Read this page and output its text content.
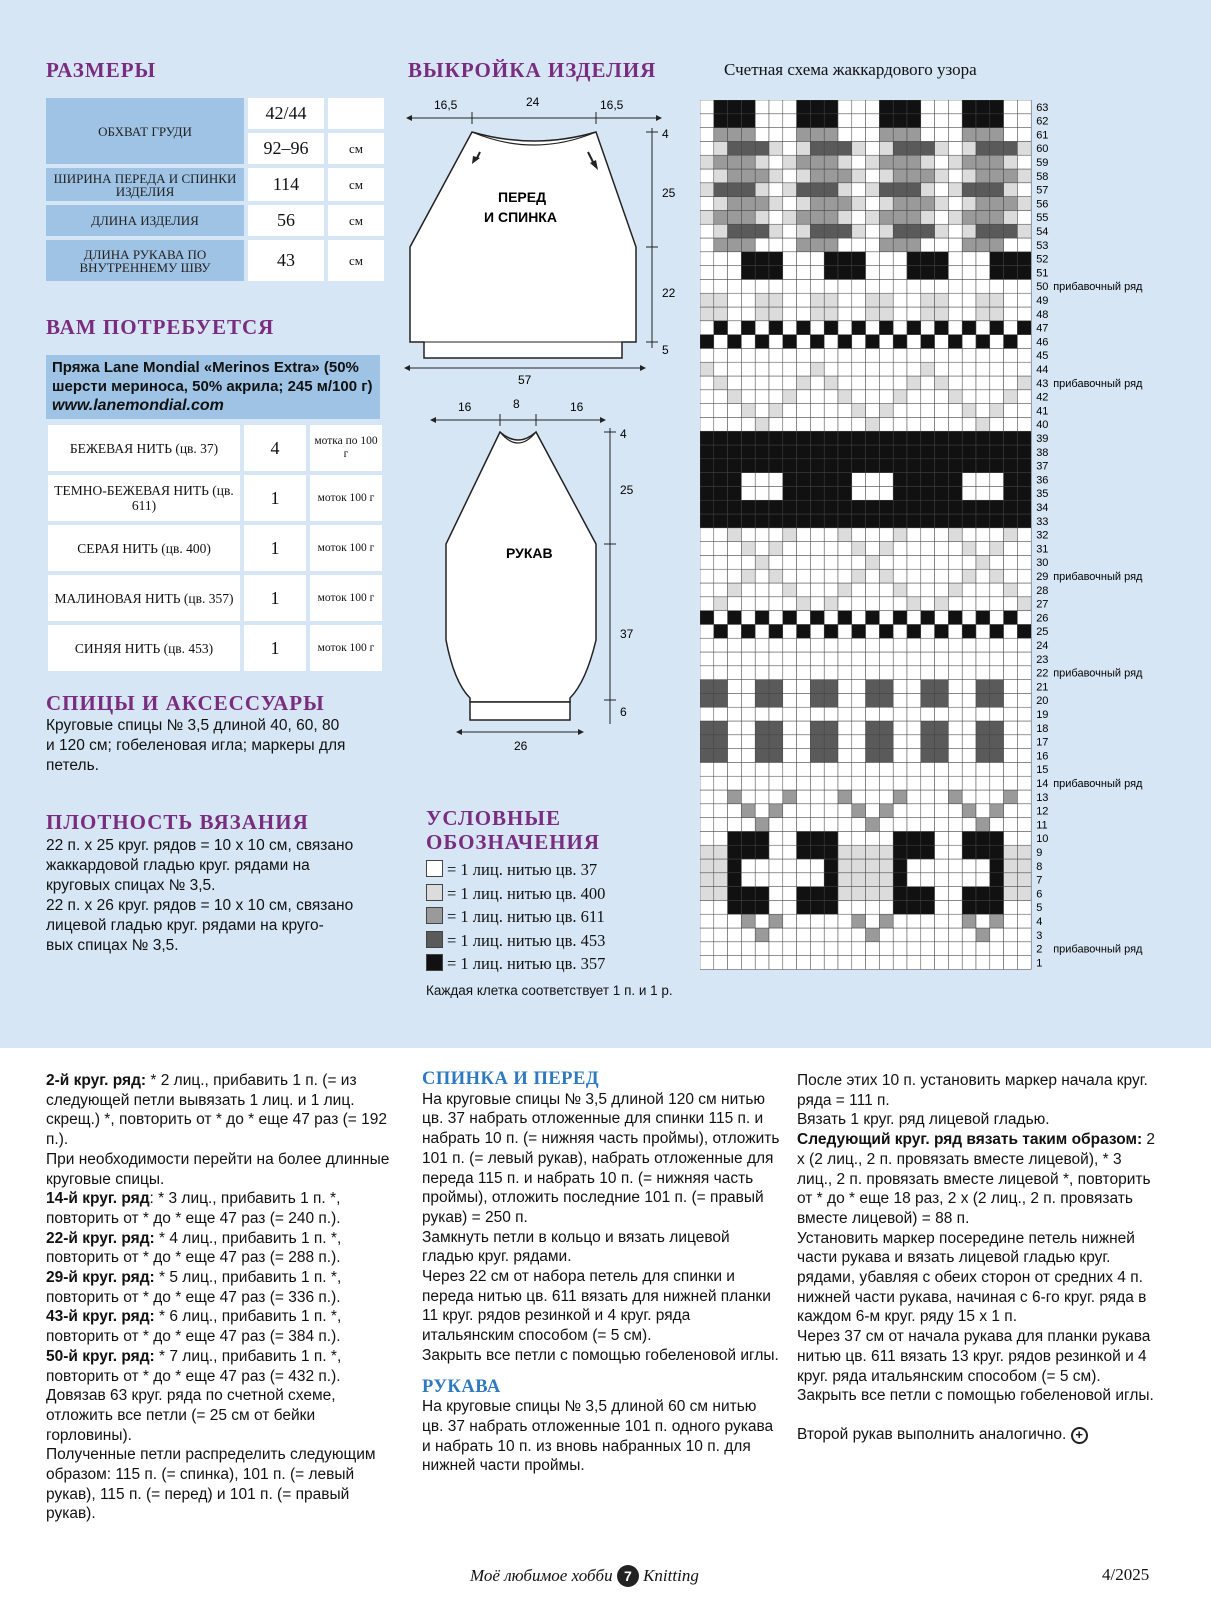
РАЗМЕРЫ
ОБХВАТ ГРУДИ	42/44	
	92–96	см
ШИРИНА ПЕРЕДА И СПИНКИ ИЗДЕЛИЯ	114	см
ДЛИНА ИЗДЕЛИЯ	56	см
ДЛИНА РУКАВА ПО ВНУТРЕННЕМУ ШВУ	43	см
ВАМ ПОТРЕБУЕТСЯ
Пряжа Lane Mondial «Merinos Extra» (50%
шерсти мериноса, 50% акрила; 245 м/100 г)
www.lanemondial.com
БЕЖЕВАЯ НИТЬ (цв. 37)	4	мотка по 100 г
ТЕМНО-БЕЖЕВАЯ НИТЬ (цв. 611)	1	моток 100 г
СЕРАЯ НИТЬ (цв. 400)	1	моток 100 г
МАЛИНОВАЯ НИТЬ (цв. 357)	1	моток 100 г
СИНЯЯ НИТЬ (цв. 453)	1	моток 100 г
СПИЦЫ И АКСЕССУАРЫ
Круговые спицы № 3,5 длиной 40, 60, 80
и 120 см; гобеленовая игла; маркеры для
петель.
ПЛОТНОСТЬ ВЯЗАНИЯ
22 п. х 25 круг. рядов = 10 х 10 см, связано
жаккардовой гладью круг. рядами на
круговых спицах № 3,5.
22 п. х 26 круг. рядов = 10 х 10 см, связано
лицевой гладью круг. рядами на круго-
вых спицах № 3,5.
ВЫКРОЙКА ИЗДЕЛИЯ
16,5	24	16,5
ПЕРЕД
И СПИНКА
4
25
22
5
57
16	8	16
РУКАВ
4
25
37
6
26
УСЛОВНЫЕ
ОБОЗНАЧЕНИЯ
= 1 лиц. нитью цв. 37
= 1 лиц. нитью цв. 400
= 1 лиц. нитью цв. 611
= 1 лиц. нитью цв. 453
= 1 лиц. нитью цв. 357
Каждая клетка соответствует 1 п. и 1 р.
Счетная схема жаккардового узора
1
2 прибавочный ряд
3
4
5
6
7
8
9
10
11
12
13
14 прибавочный ряд
15
16
17
18
19
20
21
22 прибавочный ряд
23
24
25
26
27
28
29 прибавочный ряд
30
31
32
33
34
35
36
37
38
39
40
41
42
43 прибавочный ряд
44
45
46
47
48
49
50 прибавочный ряд
51
52
53
54
55
56
57
58
59
60
61
62
63
2-й круг. ряд: * 2 лиц., прибавить 1 п. (= из следующей петли вывязать 1 лиц. и 1 лиц. скрещ.) *, повторить от * до * еще 47 раз (= 192 п.).
При необходимости перейти на более длинные круговые спицы.
14-й круг. ряд: * 3 лиц., прибавить 1 п. *, повторить от * до * еще 47 раз (= 240 п.).
22-й круг. ряд: * 4 лиц., прибавить 1 п. *, повторить от * до * еще 47 раз (= 288 п.).
29-й круг. ряд: * 5 лиц., прибавить 1 п. *, повторить от * до * еще 47 раз (= 336 п.).
43-й круг. ряд: * 6 лиц., прибавить 1 п. *, повторить от * до * еще 47 раз (= 384 п.).
50-й круг. ряд: * 7 лиц., прибавить 1 п. *, повторить от * до * еще 47 раз (= 432 п.).
Довязав 63 круг. ряда по счетной схеме, отложить все петли (= 25 см от бейки горловины).
Полученные петли распределить следующим образом: 115 п. (= спинка), 101 п. (= левый рукав), 115 п. (= перед) и 101 п. (= правый рукав).
СПИНКА И ПЕРЕД
На круговые спицы № 3,5 длиной 120 см нитью цв. 37 набрать отложенные для спинки 115 п. и набрать 10 п. (= нижняя часть проймы), отложить 101 п. (= левый рукав), набрать отложенные для переда 115 п. и набрать 10 п. (= нижняя часть проймы), отложить последние 101 п. (= правый рукав) = 250 п.
Замкнуть петли в кольцо и вязать лицевой гладью круг. рядами.
Через 22 см от набора петель для спинки и переда нитью цв. 611 вязать для нижней планки 11 круг. рядов резинкой и 4 круг. ряда итальянским способом (= 5 см).
Закрыть все петли с помощью гобеленовой иглы.
РУКАВА
На круговые спицы № 3,5 длиной 60 см нитью цв. 37 набрать отложенные 101 п. одного рукава и набрать 10 п. из вновь набранных 10 п. для нижней части проймы.
После этих 10 п. установить маркер начала круг. ряда = 111 п.
Вязать 1 круг. ряд лицевой гладью.
Следующий круг. ряд вязать таким образом: 2 х (2 лиц., 2 п. провязать вместе лицевой), * 3 лиц., 2 п. провязать вместе лицевой *, повторить от * до * еще 18 раз, 2 х (2 лиц., 2 п. провязать вместе лицевой) = 88 п.
Установить маркер посередине петель нижней части рукава и вязать лицевой гладью круг. рядами, убавляя с обеих сторон от средних 4 п. нижней части рукава, начиная с 6-го круг. ряда в каждом 6-м круг. ряду 15 х 1 п.
Через 37 см от начала рукава для планки рукава нитью цв. 611 вязать 13 круг. рядов резинкой и 4 круг. ряда итальянским способом (= 5 см).
Закрыть все петли с помощью гобеленовой иглы.
Второй рукав выполнить аналогично. +
Моё любимое хобби 7 Knitting	4/2025
